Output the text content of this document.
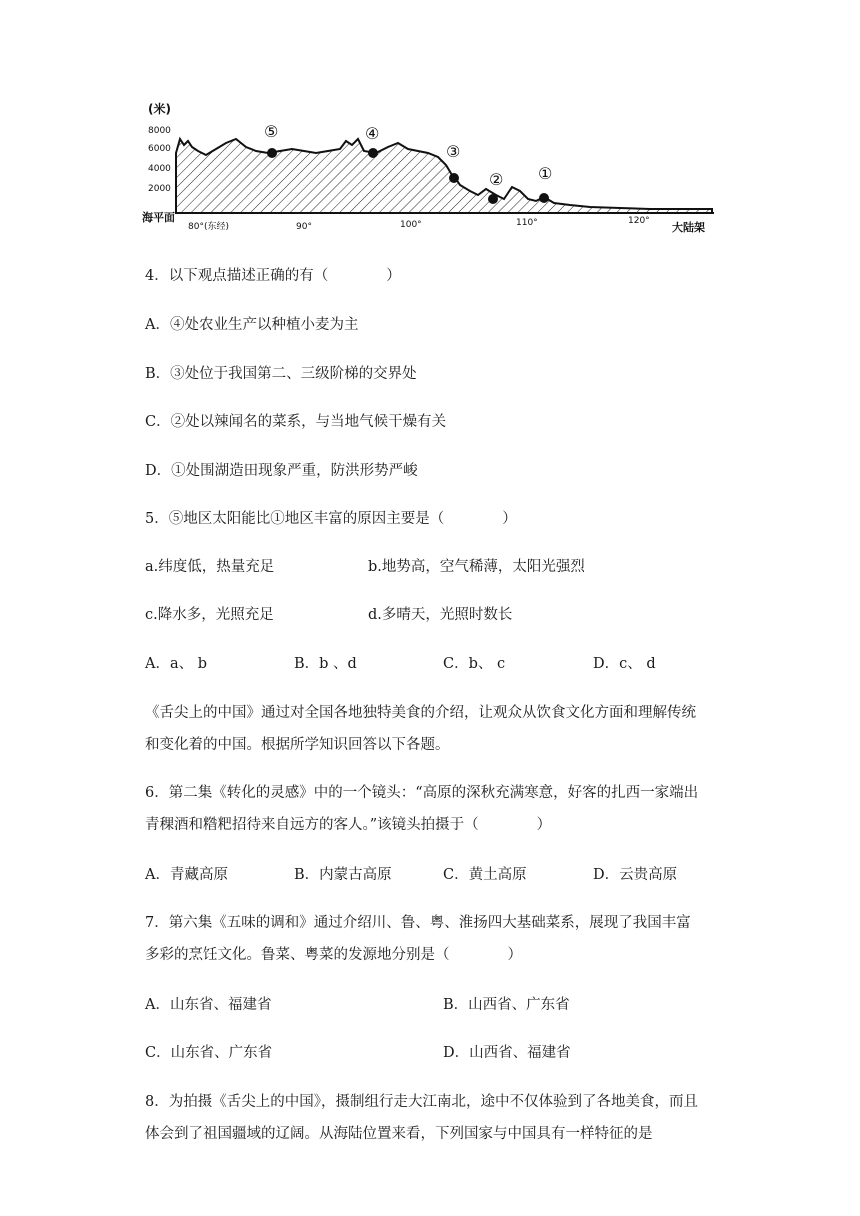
(米)
8000
6000
4000
2000
海平面
⑤	④
③
② ①
80°(东经)	90°	100°	110°	120° 大陆架
4．以下观点描述正确的有（　　　　）
A．④处农业生产以种植小麦为主
B．③处位于我国第二、三级阶梯的交界处
C．②处以辣闻名的菜系，与当地气候干燥有关
D．①处围湖造田现象严重，防洪形势严峻
5．⑤地区太阳能比①地区丰富的原因主要是（　　　　）
a.纬度低，热量充足	b.地势高，空气稀薄，太阳光强烈
c.降水多，光照充足	d.多晴天，光照时数长
A．a、 b	B．b 、d	C．b、 c	D．c、 d
《舌尖上的中国》通过对全国各地独特美食的介绍，让观众从饮食文化方面和理解传统
和变化着的中国。根据所学知识回答以下各题。
6．第二集《转化的灵感》中的一个镜头：“高原的深秋充满寒意，好客的扎西一家端出
青稞酒和糌粑招待来自远方的客人。”该镜头拍摄于（　　　　）
A．青藏高原	B．内蒙古高原	C．黄土高原	D．云贵高原
7．第六集《五味的调和》通过介绍川、鲁、粤、淮扬四大基础菜系，展现了我国丰富
多彩的烹饪文化。鲁菜、粤菜的发源地分别是（　　　　）
A．山东省、福建省	B．山西省、广东省
C．山东省、广东省	D．山西省、福建省
8．为拍摄《舌尖上的中国》，摄制组行走大江南北，途中不仅体验到了各地美食，而且
体会到了祖国疆域的辽阔。从海陆位置来看，下列国家与中国具有一样特征的是
